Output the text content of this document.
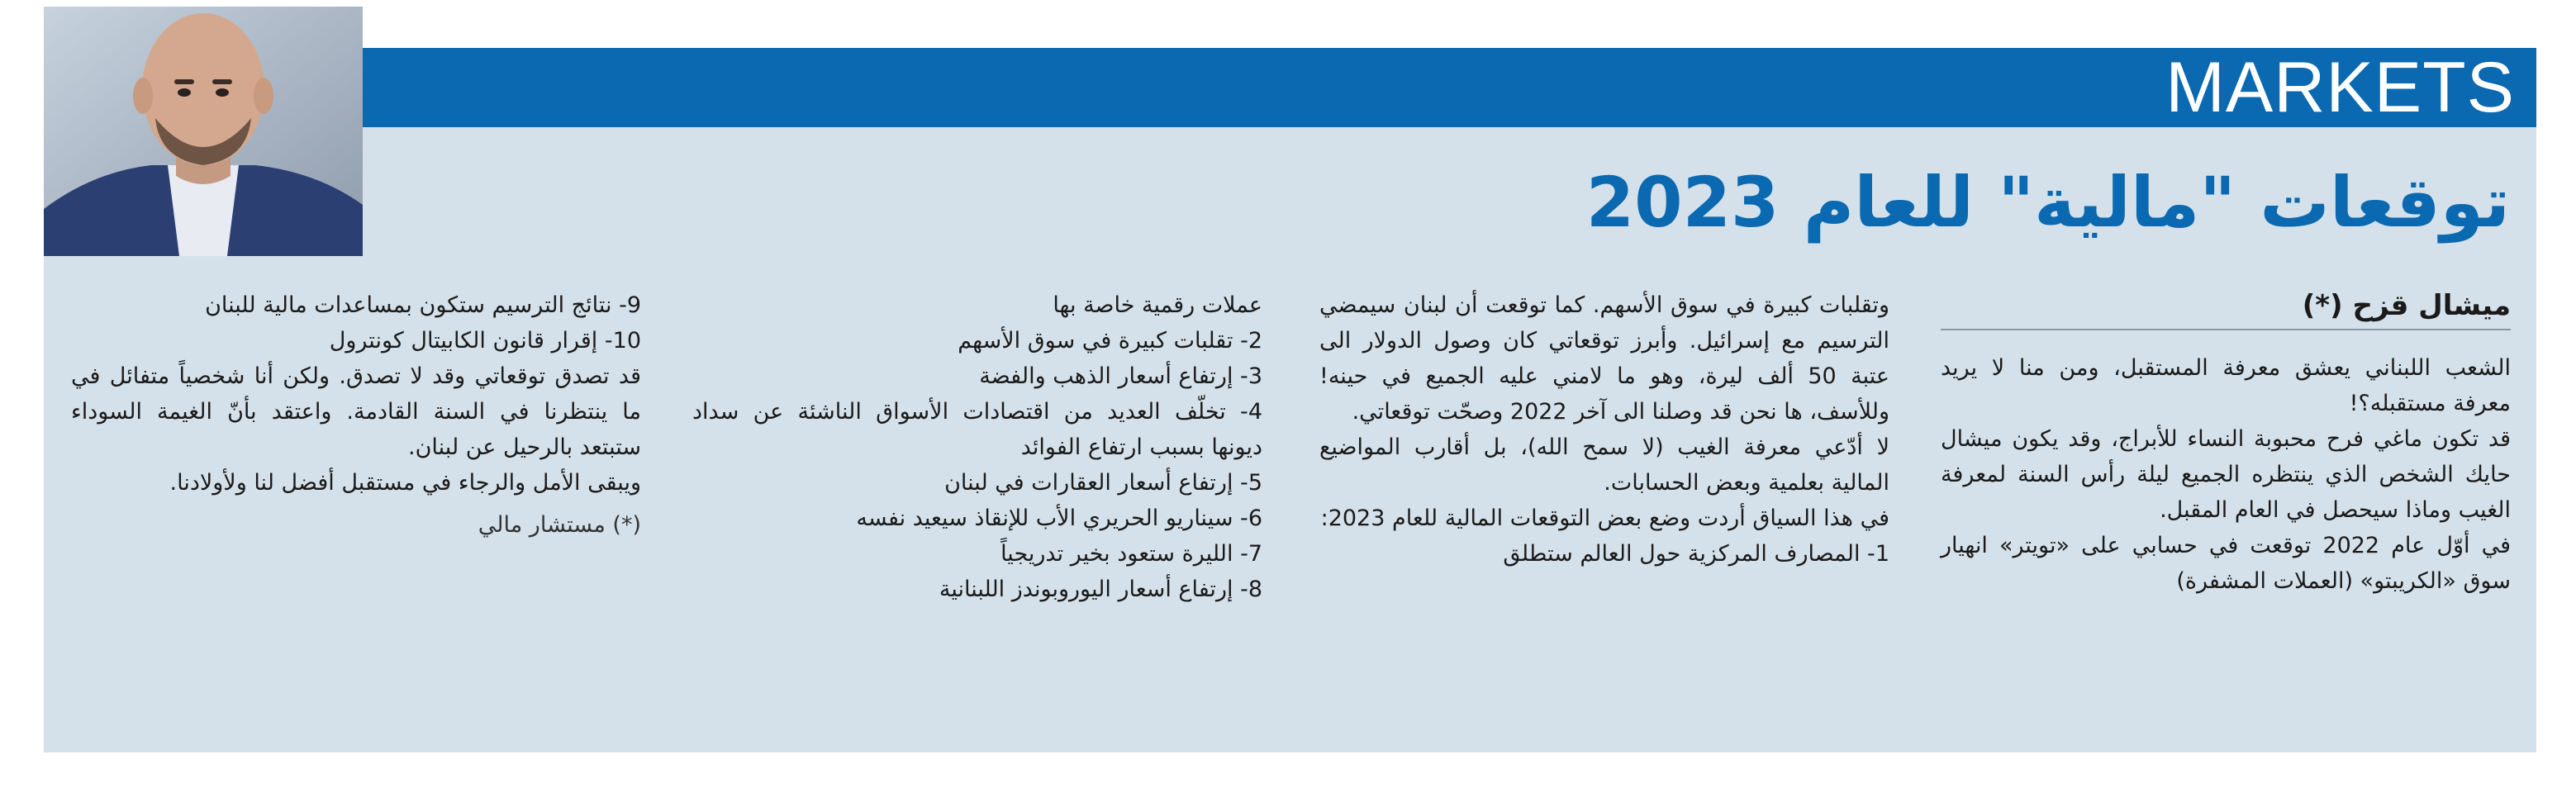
MARKETS
توقعات "مالية" للعام 2023

ميشال قزح (*)

الشعب اللبناني يعشق معرفة المستقبل، ومن منا لا يريد معرفة مستقبله؟!

قد تكون ماغي فرح محبوبة النساء للأبراج، وقد يكون ميشال حايك الشخص الذي ينتظره الجميع ليلة رأس السنة لمعرفة الغيب وماذا سيحصل في العام المقبل.

في أوّل عام 2022 توقعت في حسابي على «تويتر» انهيار سوق «الكريبتو» (العملات المشفرة)

وتقلبات كبيرة في سوق الأسهم. كما توقعت أن لبنان سيمضي الترسيم مع إسرائيل. وأبرز توقعاتي كان وصول الدولار الى عتبة 50 ألف ليرة، وهو ما لامني عليه الجميع في حينه! وللأسف، ها نحن قد وصلنا الى آخر 2022 وصحّت توقعاتي.

لا أدّعي معرفة الغيب (لا سمح الله)، بل أقارب المواضيع المالية بعلمية وبعض الحسابات.

في هذا السياق أردت وضع بعض التوقعات المالية للعام 2023:

1- المصارف المركزية حول العالم ستطلق

عملات رقمية خاصة بها

2- تقلبات كبيرة في سوق الأسهم

3- إرتفاع أسعار الذهب والفضة

4- تخلّف العديد من اقتصادات الأسواق الناشئة عن سداد ديونها بسبب ارتفاع الفوائد

5- إرتفاع أسعار العقارات في لبنان

6- سيناريو الحريري الأب للإنقاذ سيعيد نفسه

7- الليرة ستعود بخير تدريجياً

8- إرتفاع أسعار اليوروبوندز اللبنانية

9- نتائج الترسيم ستكون بمساعدات مالية للبنان

10- إقرار قانون الكابيتال كونترول

قد تصدق توقعاتي وقد لا تصدق. ولكن أنا شخصياً متفائل في ما ينتظرنا في السنة القادمة. واعتقد بأنّ الغيمة السوداء ستبتعد بالرحيل عن لبنان.

ويبقى الأمل والرجاء في مستقبل أفضل لنا ولأولادنا.

(*) مستشار مالي
